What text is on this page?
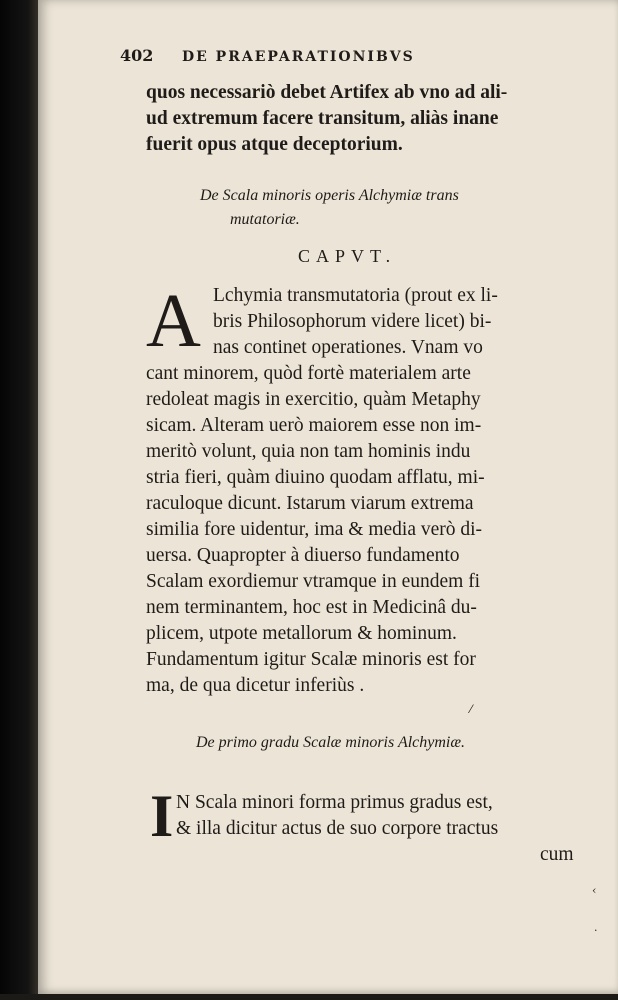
402 DE PRAEPARATIONIBVS
quos necessariò debet Artifex ab vno ad ali-
ud extremum facere transitum, aliàs inane
fuerit opus atque deceptorium.
De Scala minoris operis Alchymiæ trans
mutatoriæ.
CAPVT.
A Lchymia transmutatoria (prout ex li-
bris Philosophorum videre licet) bi-
nas continet operationes. Vnam vo
cant minorem, quòd fortè materialem arte
redoleat magis in exercitio, quàm Metaphy
sicam. Alteram uerò maiorem esse non im-
meritò volunt, quia non tam hominis indu
stria fieri, quàm diuino quodam afflatu, mi-
raculoque dicunt. Istarum viarum extrema
similia fore uidentur, ima & media verò di-
uersa. Quapropter à diuerso fundamento
Scalam exordiemur vtramque in eundem fi
nem terminantem, hoc est in Medicinâ du-
plicem, utpote metallorum & hominum.
Fundamentum igitur Scalæ minoris est for
ma, de qua dicetur inferiùs .
⁄
De primo gradu Scalæ minoris Alchymiæ.
I N Scala minori forma primus gradus est,
& illa dicitur actus de suo corpore tractus
cum
‹
·
